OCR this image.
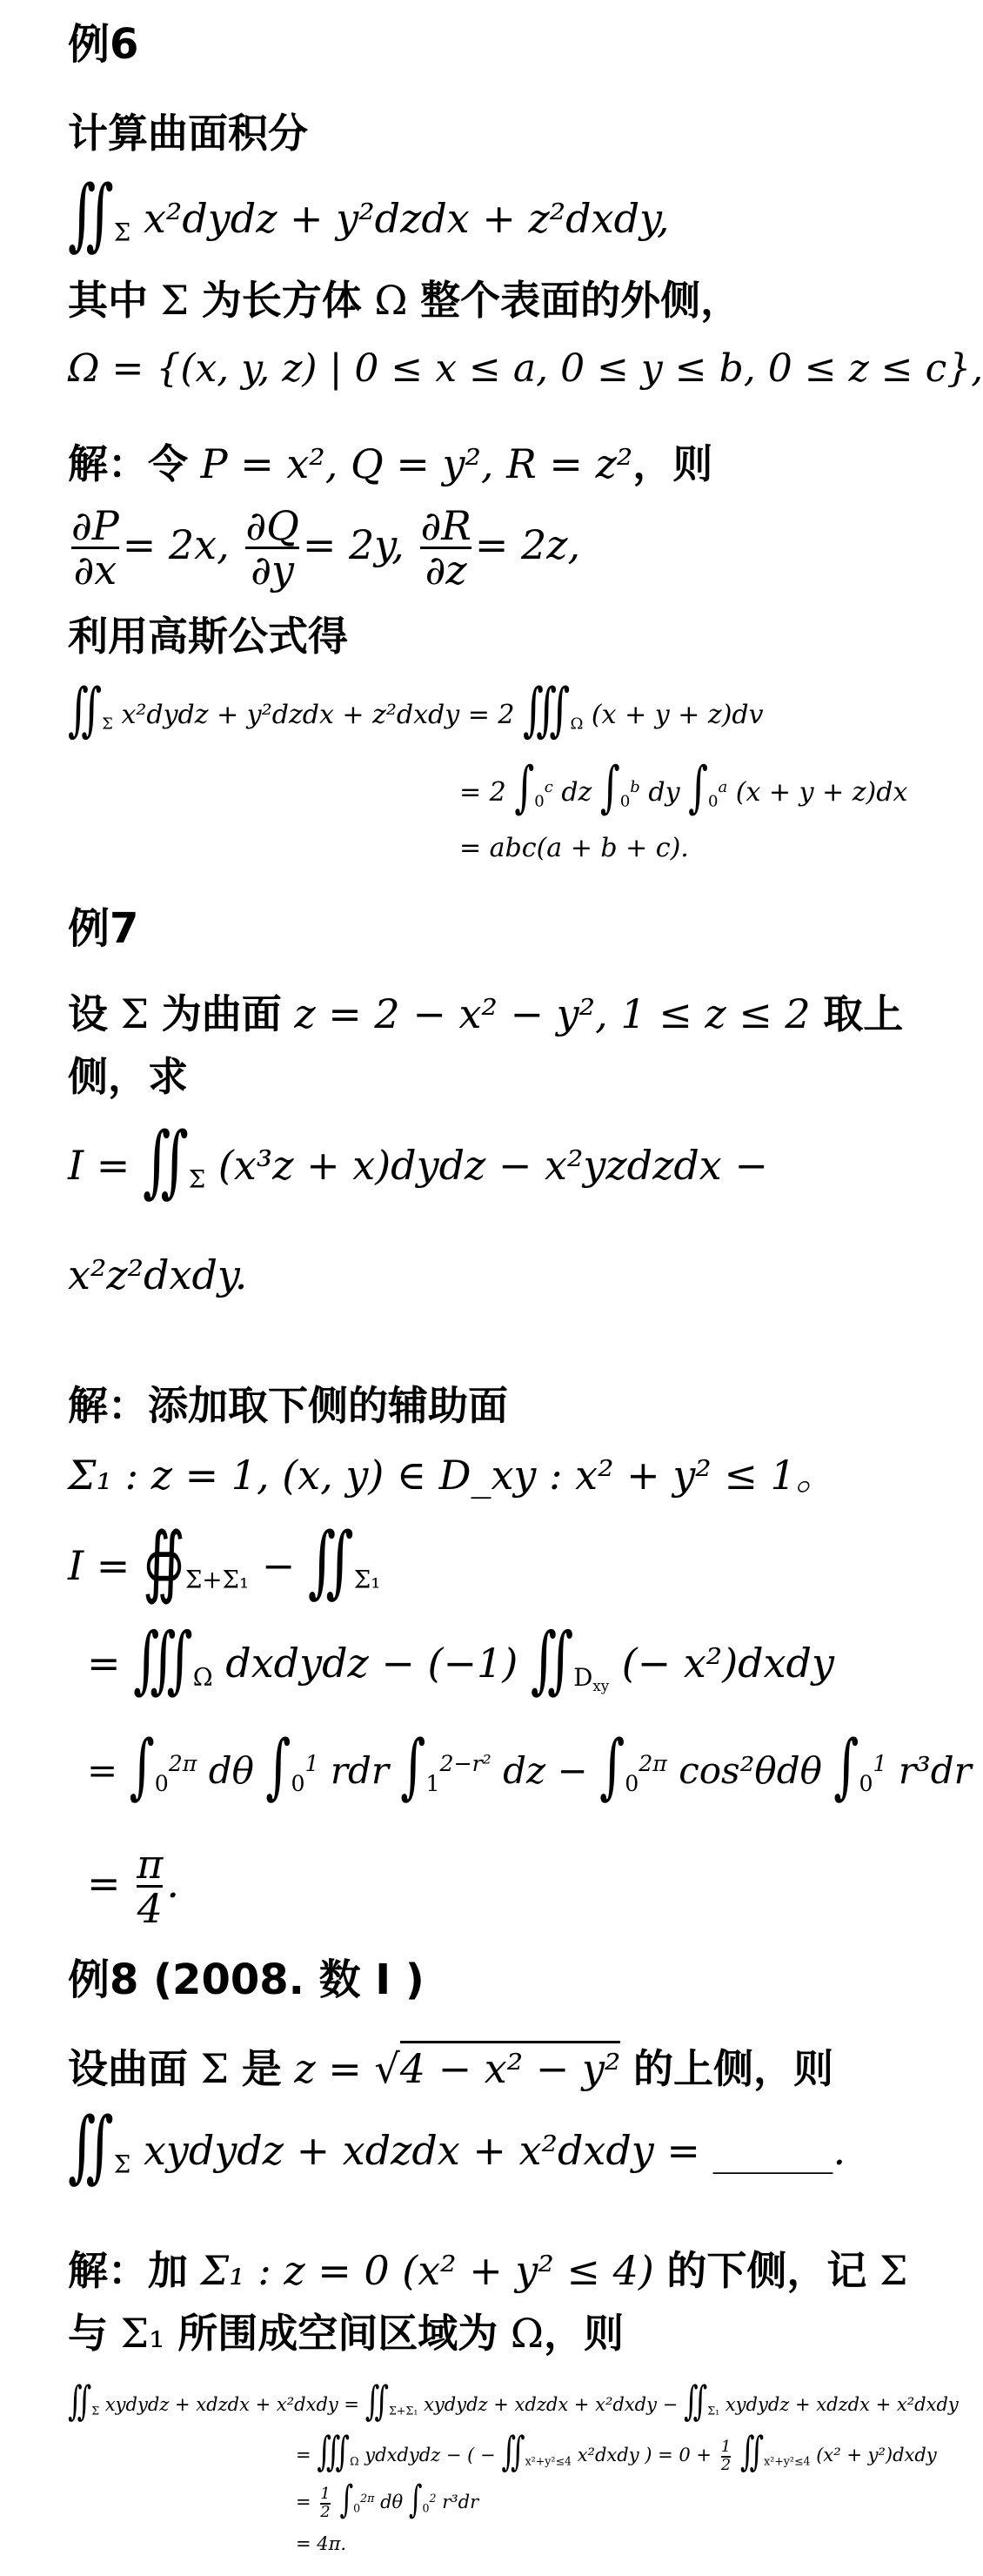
例6
计算曲面积分
$∬_\Sigma$ x²dydz + y²dzdx + z²dxdy,
其中 Σ 为长方体 Ω 整个表面的外侧，
Ω = {(x, y, z) | 0 ≤ x ≤ a, 0 ≤ y ≤ b, 0 ≤ z ≤ c},
解：令 P = x², Q = y², R = z²，则
$\frac{\partial P}{\partial x} = 2x$, $\frac{\partial Q}{\partial y} = 2y$, $\frac{\partial R}{\partial z} = 2z$,
利用高斯公式得
$∬_\Sigma$ x²dydz + y²dzdx + z²dxdy = 2 $∭_\Omega$ (x + y + z)dv
= 2 $\int_0^c$ dz $\int_0^b$ dy $\int_0^a$ (x + y + z)dx
= abc(a + b + c).
例7
设 Σ 为曲面 z = 2 − x² − y², 1 ≤ z ≤ 2 取上
侧，求
$I = ∬_\Sigma$ (x³z + x)dydz − x²yzdzdx −
x²z²dxdy.
解：添加取下侧的辅助面
Σ₁ : z = 1, (x, y) ∈ D_xy : x² + y² ≤ 1。
$I = ∯_{\Sigma+\Sigma_1}$ − $∬_{\Sigma_1}$
= $∭_\Omega$ dxdydz − (−1) $∬_{D_{xy}}$ (− x²)dxdy
= $\int_0^{2\pi}$ dθ $\int_0^1$ rdr $\int_1^{2-r^2}$ dz − $\int_0^{2\pi}$ cos²θdθ $\int_0^1$ r³dr
= $\frac{\pi}{4}$ .
例8 (2008. 数 I )
设曲面 Σ 是 z = √4 − x² − y² 的上侧，则
$∬_\Sigma$ xydydz + xdzdx + x²dxdy = ______.
解：加 Σ₁ : z = 0 (x² + y² ≤ 4) 的下侧，记 Σ
与 Σ₁ 所围成空间区域为 Ω，则
$∬_\Sigma$ xydydz + xdzdx + x²dxdy = $∬_{\Sigma+\Sigma_1}$ xydydz + xdzdx + x²dxdy − $∬_{\Sigma_1}$ xydydz + xdzdx + x²dxdy
= $∭_\Omega$ ydxdydz − ( − $∬_{x^2+y^2\le 4}$ x²dxdy ) = $0 + \frac{1}{2}$ $∬_{x^2+y^2\le 4}$ (x² + y²)dxdy
= $\frac{1}{2} \int_0^{2\pi}$ dθ $\int_0^2$ r³dr
= 4π.
